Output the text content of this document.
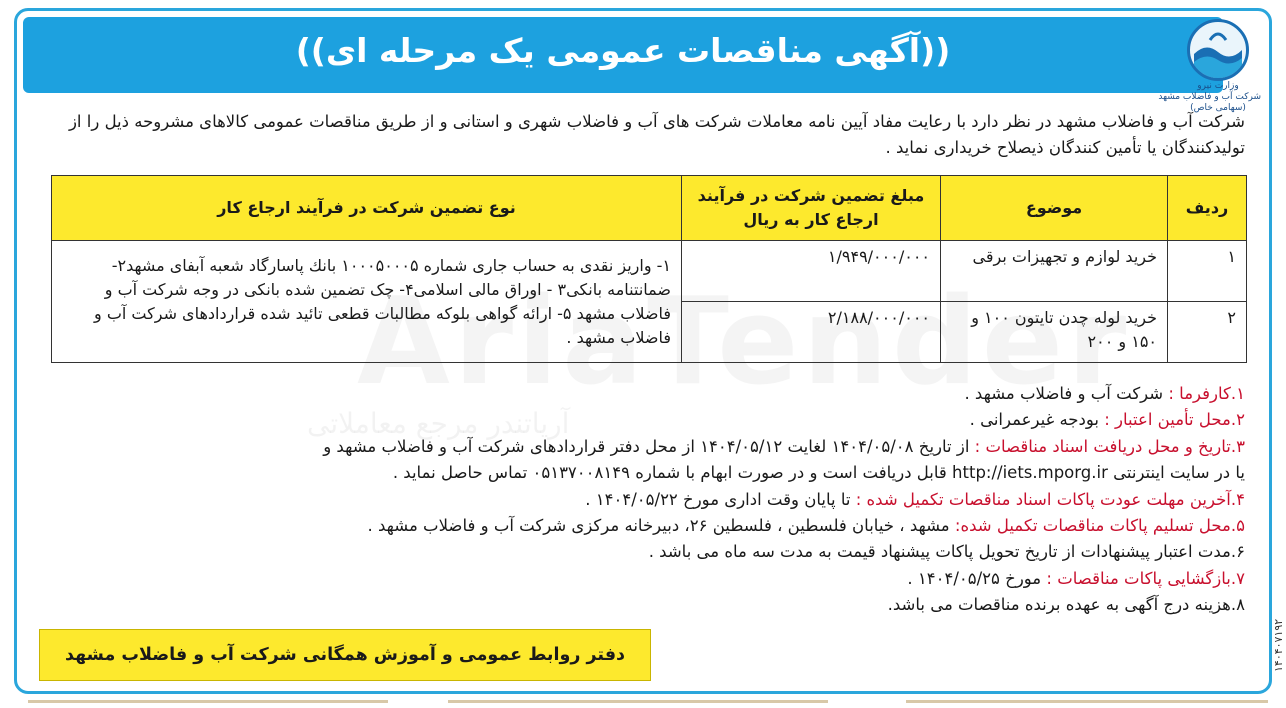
((آگهی مناقصات عمومی یک مرحله ای))
وزارت نیرو
شرکت آب و فاضلاب مشهد
(سهامی خاص)
آریاتندر مرجع معاملاتی
شرکت آب و فاضلاب مشهد در نظر دارد با رعایت مفاد آیین نامه معاملات شرکت های آب و فاضلاب شهری و استانی و از طریق مناقصات عمومی کالاهای مشروحه ذیل را از تولیدکنندگان یا تأمین کنندگان ذیصلاح خریداری نماید .
ردیف	موضوع	مبلغ تضمین شرکت در فرآیند ارجاع کار به ریال	نوع تضمین شرکت در فرآیند ارجاع کار
۱	خرید لوازم و تجهیزات برقی	۱/۹۴۹/۰۰۰/۰۰۰	۱- واریز نقدی به حساب جاری شماره ۱۰۰۰۵۰۰۰۵ بانك پاسارگاد شعبه آبفای مشهد۲- ضمانتنامه بانکی۳ - اوراق مالی اسلامی۴- چک تضمین شده بانکی در وجه شرکت آب و فاضلاب مشهد ۵- ارائه گواهی بلوکه مطالبات قطعی تائید شده قراردادهای شرکت آب و فاضلاب مشهد .
۲	خرید لوله چدن تایتون ۱۰۰ و ۱۵۰ و ۲۰۰	۲/۱۸۸/۰۰۰/۰۰۰	

۱.کارفرما : شرکت آب و فاضلاب مشهد .

۲.محل تأمین اعتبار : بودجه غیرعمرانی .

۳.تاریخ و محل دریافت اسناد مناقصات : از تاریخ ۱۴۰۴/۰۵/۰۸ لغایت ۱۴۰۴/۰۵/۱۲ از محل دفتر قراردادهای شرکت آب و فاضلاب مشهد و

یا در سایت اینترنتی http://iets.mporg.ir قابل دریافت است و در صورت ابهام با شماره ۰۵۱۳۷۰۰۸۱۴۹ تماس حاصل نماید .

۴.آخرین مهلت عودت پاکات اسناد مناقصات تکمیل شده : تا پایان وقت اداری مورخ ۱۴۰۴/۰۵/۲۲ .

۵.محل تسلیم پاکات مناقصات تکمیل شده: مشهد ، خیابان فلسطین ، فلسطین ۲۶، دبیرخانه مرکزی شرکت آب و فاضلاب مشهد .

۶.مدت اعتبار پیشنهادات از تاریخ تحویل پاکات پیشنهاد قیمت به مدت سه ماه می باشد .

۷.بازگشایی پاکات مناقصات : مورخ ۱۴۰۴/۰۵/۲۵ .

۸.هزینه درج آگهی به عهده برنده مناقصات می باشد.

دفتر روابط عمومی و آموزش همگانی شرکت آب و فاضلاب مشهد	۱۴۰۴۰۷۱۹۲
